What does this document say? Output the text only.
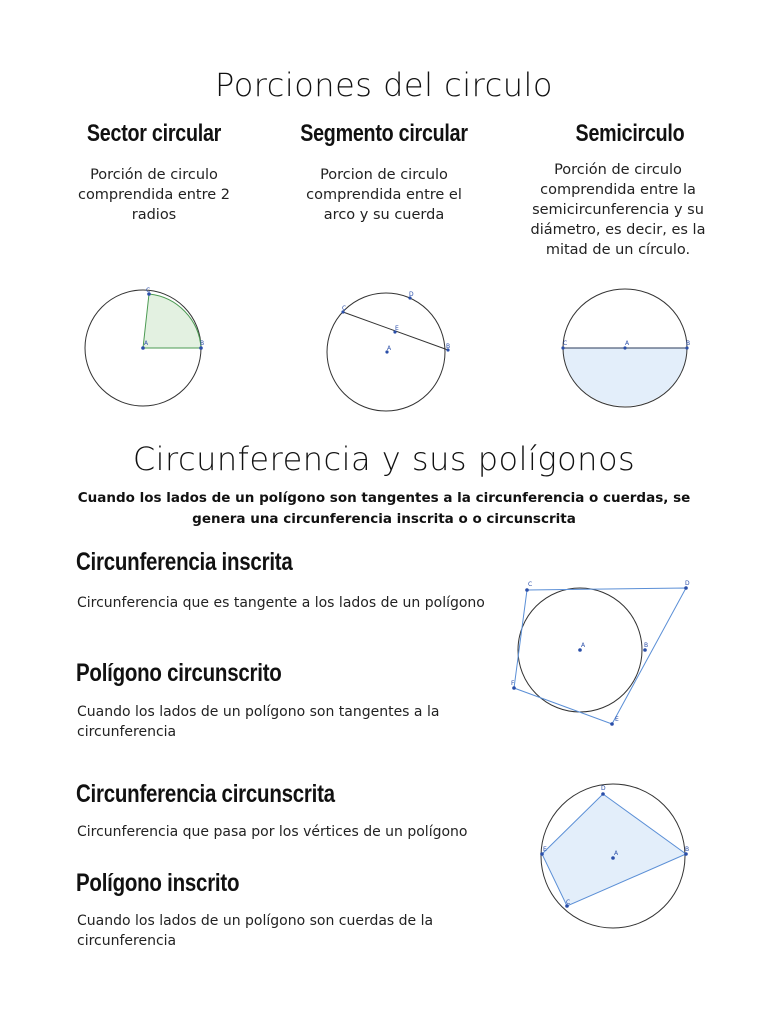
Porciones del circulo
Sector circular	Segmento circular	Semicirculo
Porción de circulo comprendida entre 2 radios
Porcion de circulo comprendida entre el arco y su cuerda
Porción de circulo comprendida entre la semicircunferencia y su diámetro, es decir, es la mitad de un círculo.
C
A	B
C
D
E
A	B	C	A	B
Circunferencia y sus polígonos
Cuando los lados de un polígono son tangentes a la circunferencia o cuerdas, se genera una circunferencia inscrita o o circunscrita
Circunferencia inscrita
Circunferencia que es tangente a los lados de un polígono
Polígono circunscrito
Cuando los lados de un polígono son tangentes a la circunferencia
Circunferencia circunscrita
Circunferencia que pasa por los vértices de un polígono
Polígono inscrito
Cuando los lados de un polígono son cuerdas de la circunferencia
C	D
A	B
F
E
D
E
A
B
C
